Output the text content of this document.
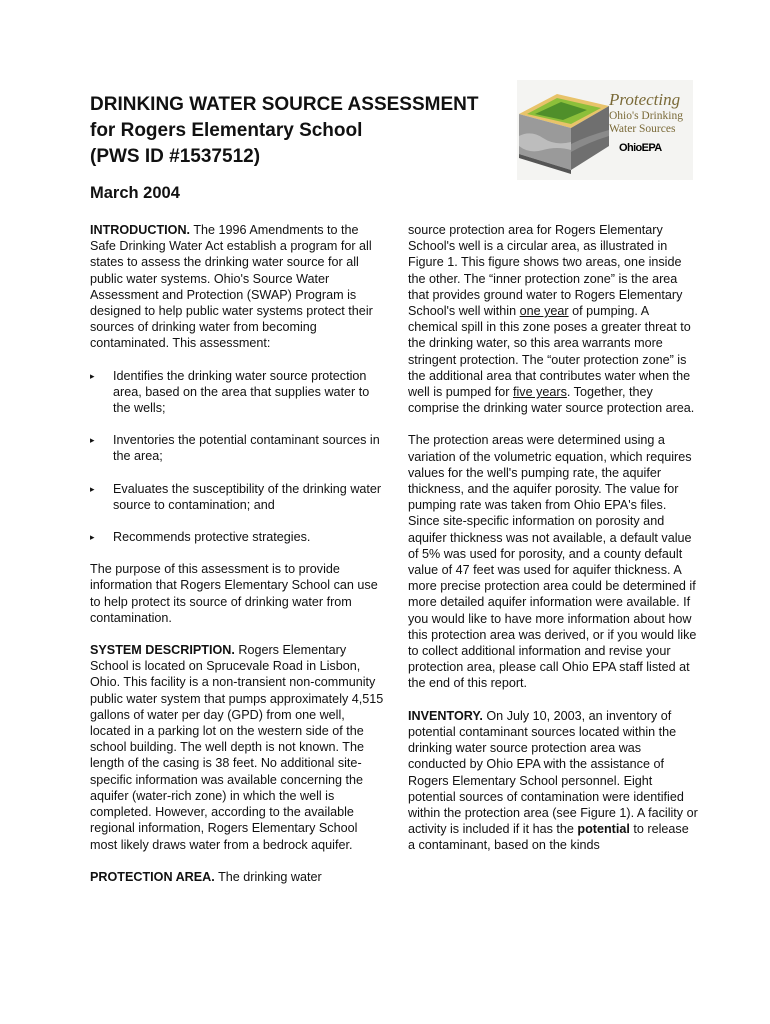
DRINKING WATER SOURCE ASSESSMENT
for Rogers Elementary School
(PWS ID #1537512)

March 2004

Protecting
Ohio's Drinking
Water Sources
OhioEPA

INTRODUCTION. The 1996 Amendments to the Safe Drinking Water Act establish a program for all states to assess the drinking water source for all public water systems. Ohio's Source Water Assessment and Protection (SWAP) Program is designed to help public water systems protect their sources of drinking water from becoming contaminated. This assessment:

▸ Identifies the drinking water source protection area, based on the area that supplies water to the wells;
▸ Inventories the potential contaminant sources in the area;
▸ Evaluates the susceptibility of the drinking water source to contamination; and
▸ Recommends protective strategies.

The purpose of this assessment is to provide information that Rogers Elementary School can use to help protect its source of drinking water from contamination.

SYSTEM DESCRIPTION. Rogers Elementary School is located on Sprucevale Road in Lisbon, Ohio. This facility is a non-transient non-community public water system that pumps approximately 4,515 gallons of water per day (GPD) from one well, located in a parking lot on the western side of the school building. The well depth is not known. The length of the casing is 38 feet. No additional site-specific information was available concerning the aquifer (water-rich zone) in which the well is completed. However, according to the available regional information, Rogers Elementary School most likely draws water from a bedrock aquifer.

PROTECTION AREA. The drinking water

source protection area for Rogers Elementary School's well is a circular area, as illustrated in Figure 1. This figure shows two areas, one inside the other. The “inner protection zone” is the area that provides ground water to Rogers Elementary School's well within one year of pumping. A chemical spill in this zone poses a greater threat to the drinking water, so this area warrants more stringent protection. The “outer protection zone” is the additional area that contributes water when the well is pumped for five years. Together, they comprise the drinking water source protection area.

The protection areas were determined using a variation of the volumetric equation, which requires values for the well's pumping rate, the aquifer thickness, and the aquifer porosity. The value for pumping rate was taken from Ohio EPA's files. Since site-specific information on porosity and aquifer thickness was not available, a default value of 5% was used for porosity, and a county default value of 47 feet was used for aquifer thickness. A more precise protection area could be determined if more detailed aquifer information were available. If you would like to have more information about how this protection area was derived, or if you would like to collect additional information and revise your protection area, please call Ohio EPA staff listed at the end of this report.

INVENTORY. On July 10, 2003, an inventory of potential contaminant sources located within the drinking water source protection area was conducted by Ohio EPA with the assistance of Rogers Elementary School personnel. Eight potential sources of contamination were identified within the protection area (see Figure 1). A facility or activity is included if it has the potential to release a contaminant, based on the kinds
